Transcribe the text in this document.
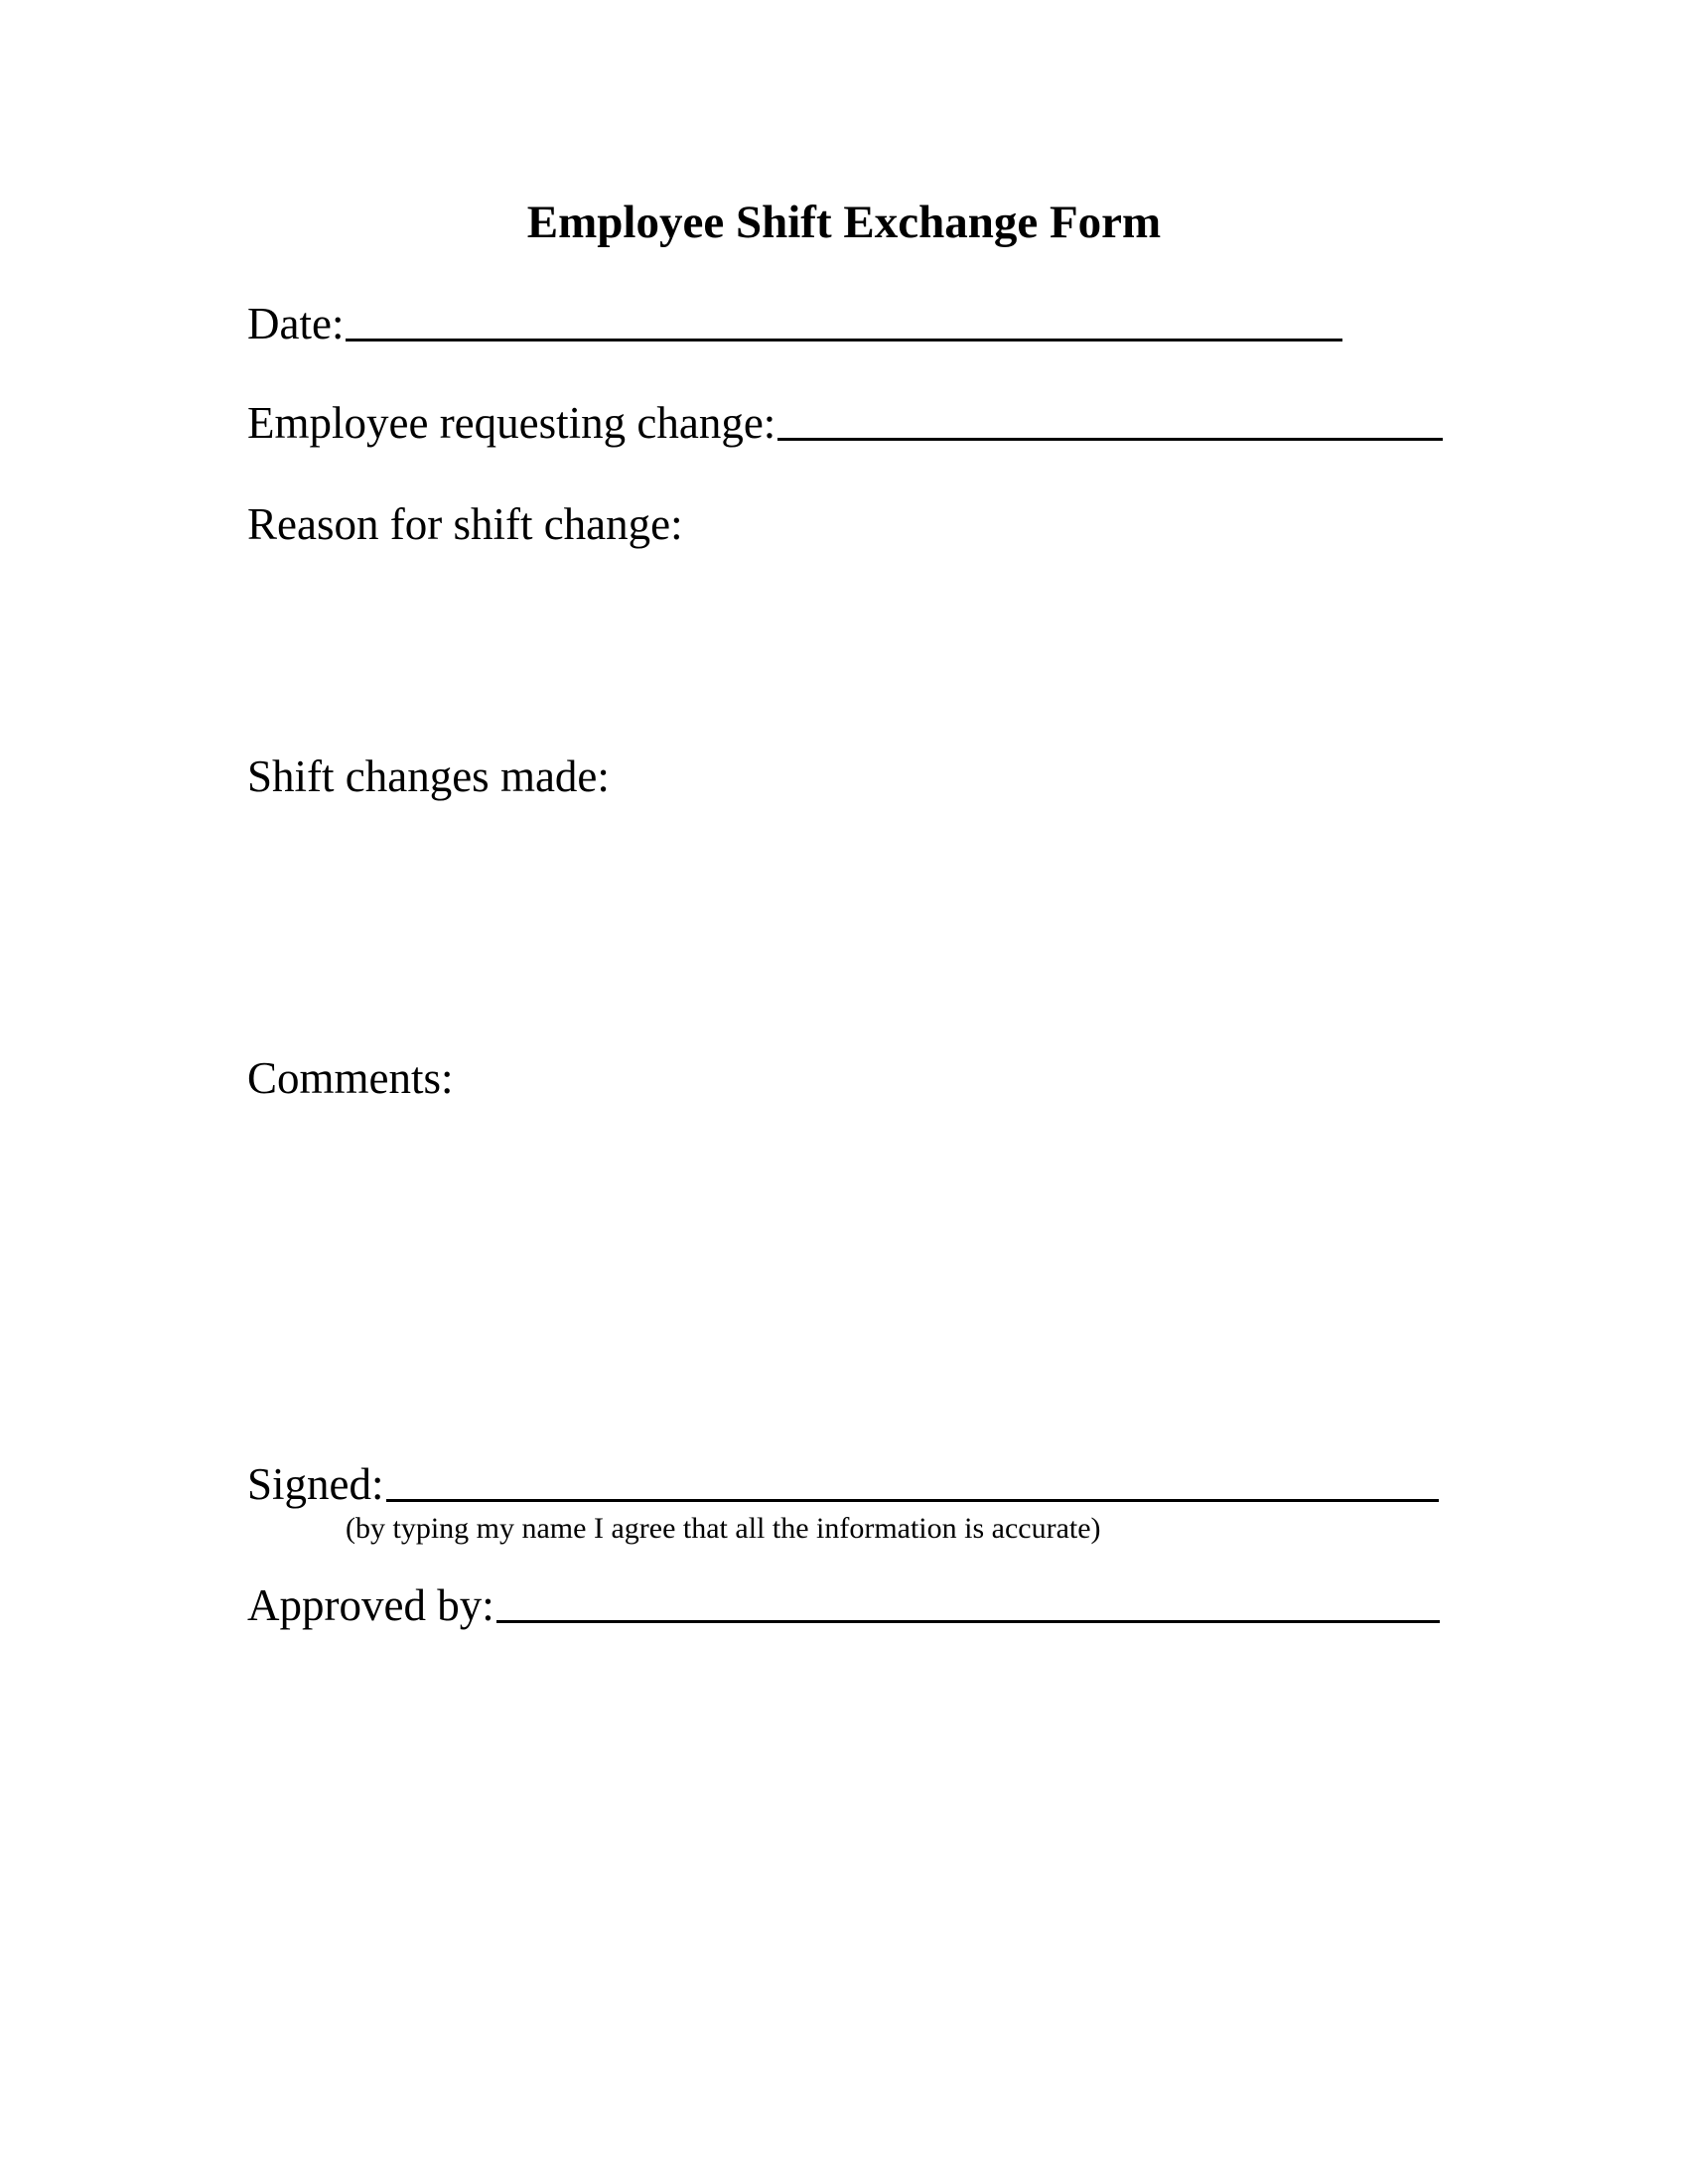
Employee Shift Exchange Form
Date:
Employee requesting change:
Reason for shift change:
Shift changes made:
Comments:
Signed:
(by typing my name I agree that all the information is accurate)
Approved by:
